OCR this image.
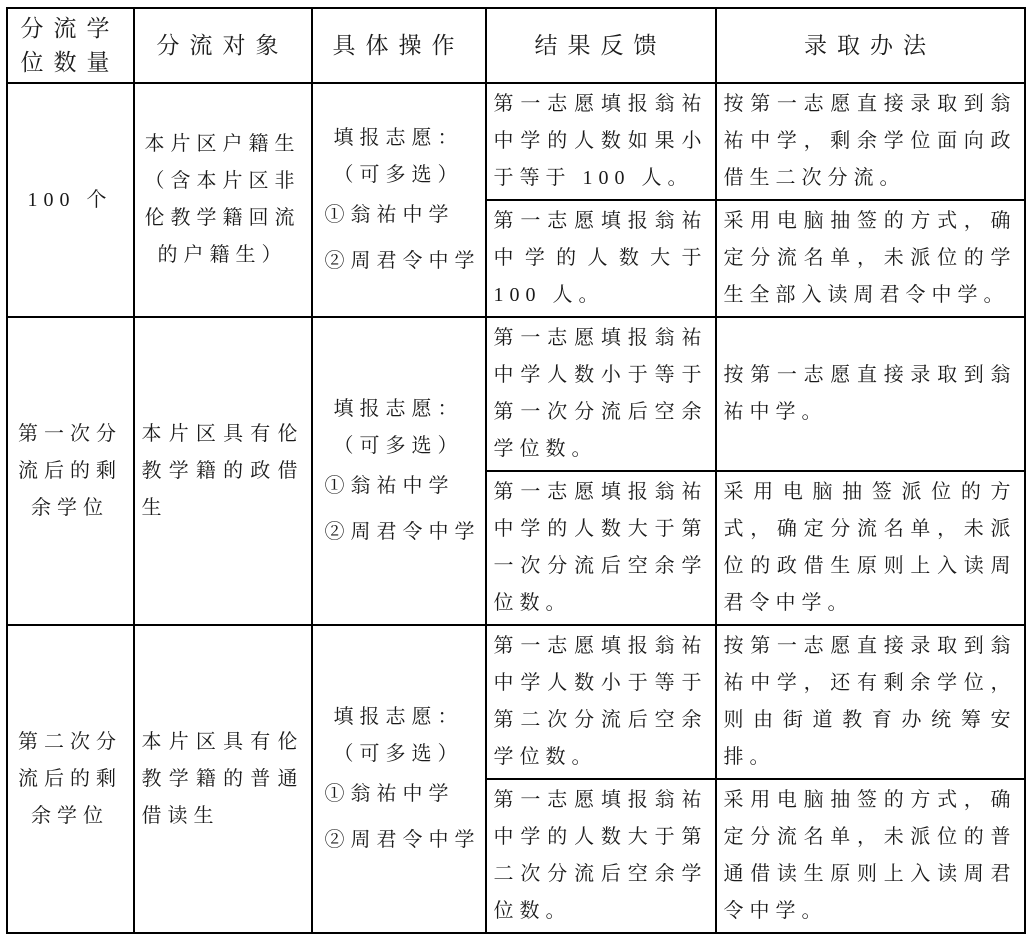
分流学位数量	分流对象	具体操作	结果反馈	录取办法
100 个	本片区户籍生（含本片区非伦教学籍回流的户籍生）	填报志愿：
（可多选）
①翁祐中学
②周君令中学	第一志愿填报翁祐中学的人数如果小于等于 100 人。	按第一志愿直接录取到翁祐中学，剩余学位面向政借生二次分流。
			第一志愿填报翁祐中学的人数大于 100 人。	采用电脑抽签的方式，确定分流名单，未派位的学生全部入读周君令中学。
第一次分流后的剩余学位	本片区具有伦教学籍的政借生	填报志愿：
（可多选）
①翁祐中学
②周君令中学	第一志愿填报翁祐中学人数小于等于第一次分流后空余学位数。	按第一志愿直接录取到翁祐中学。
			第一志愿填报翁祐中学的人数大于第一次分流后空余学位数。	采用电脑抽签派位的方式，确定分流名单，未派位的政借生原则上入读周君令中学。
第二次分流后的剩余学位	本片区具有伦教学籍的普通借读生	填报志愿：
（可多选）
①翁祐中学
②周君令中学	第一志愿填报翁祐中学人数小于等于第二次分流后空余学位数。	按第一志愿直接录取到翁祐中学，还有剩余学位，则由街道教育办统筹安排。
			第一志愿填报翁祐中学的人数大于第二次分流后空余学位数。	采用电脑抽签的方式，确定分流名单，未派位的普通借读生原则上入读周君令中学。
